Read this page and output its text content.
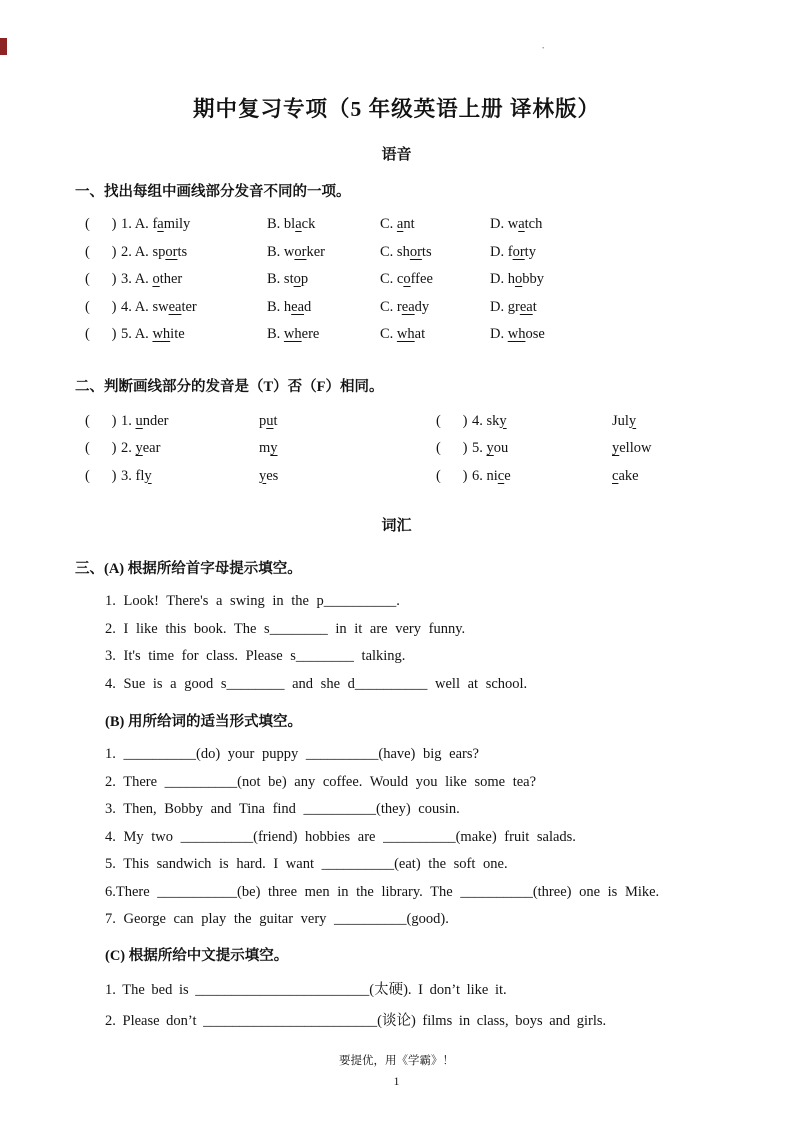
·
期中复习专项（5 年级英语上册 译林版）
语音
一、找出每组中画线部分发音不同的一项。
(      ) 1. A. family	B. black	C. ant	D. watch
(      ) 2. A. sports	B. worker	C. shorts	D. forty
(      ) 3. A. other	B. stop	C. coffee	D. hobby
(      ) 4. A. sweater	B. head	C. ready	D. great
(      ) 5. A. white	B. where	C. what	D. whose
二、判断画线部分的发音是（T）否（F）相同。
(      ) 1. under	put	(      ) 4. sky	July
(      ) 2. year	my	(      ) 5. you	yellow
(      ) 3. fly	yes	(      ) 6. nice	cake
词汇
三、(A) 根据所给首字母提示填空。
1. Look! There's a swing in the p__________.
2. I like this book. The s________ in it are very funny.
3. It's time for class. Please s________ talking.
4. Sue is a good s________ and she d__________ well at school.
(B) 用所给词的适当形式填空。
1. __________(do) your puppy __________(have) big ears?
2. There __________(not be) any coffee. Would you like some tea?
3. Then, Bobby and Tina find __________(they) cousin.
4. My two __________(friend) hobbies are __________(make) fruit salads.
5. This sandwich is hard. I want __________(eat) the soft one.
6.There ___________(be) three men in the library. The __________(three) one is Mike.
7. George can play the guitar very __________(good).
(C) 根据所给中文提示填空。
1. The bed is ________________________(太硬). I don’t like it.
2. Please don’t ________________________(谈论) films in class, boys and girls.
要提优，用《学霸》！
1
